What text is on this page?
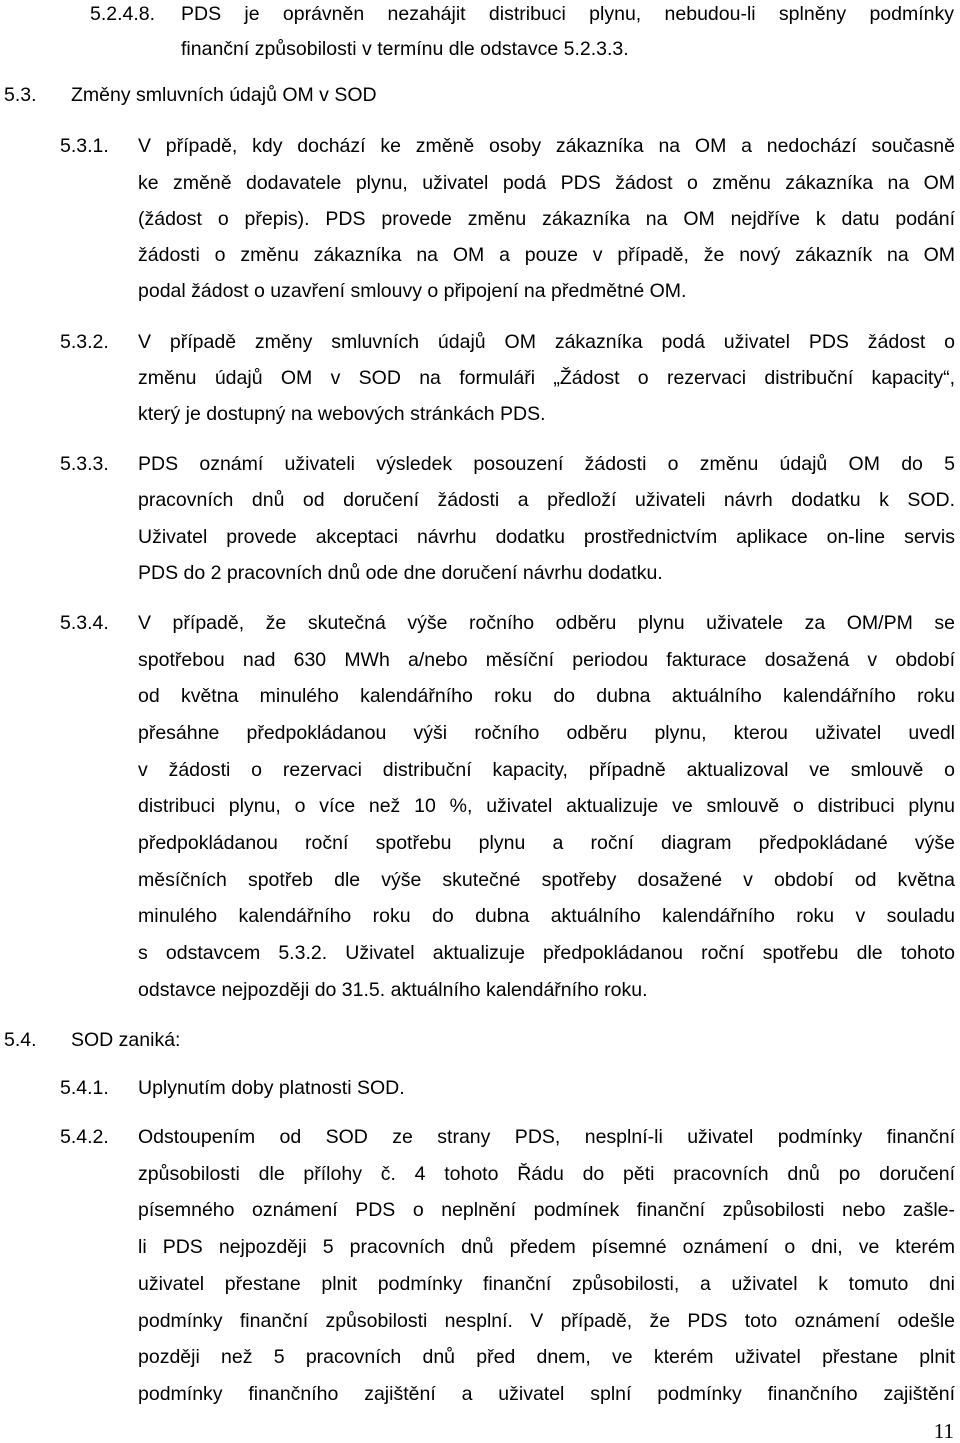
5.2.4.8. PDS je oprávněn nezahájit distribuci plynu, nebudou-li splněny podmínky
finanční způsobilosti v termínu dle odstavce 5.2.3.3.
5.3. Změny smluvních údajů OM v SOD
5.3.1. V případě, kdy dochází ke změně osoby zákazníka na OM a nedochází současně
ke změně dodavatele plynu, uživatel podá PDS žádost o změnu zákazníka na OM
(žádost o přepis). PDS provede změnu zákazníka na OM nejdříve k datu podání
žádosti o změnu zákazníka na OM a pouze v případě, že nový zákazník na OM
podal žádost o uzavření smlouvy o připojení na předmětné OM.
5.3.2. V případě změny smluvních údajů OM zákazníka podá uživatel PDS žádost o
změnu údajů OM v SOD na formuláři „Žádost o rezervaci distribuční kapacity“,
který je dostupný na webových stránkách PDS.
5.3.3. PDS oznámí uživateli výsledek posouzení žádosti o změnu údajů OM do 5
pracovních dnů od doručení žádosti a předloží uživateli návrh dodatku k SOD.
Uživatel provede akceptaci návrhu dodatku prostřednictvím aplikace on-line servis
PDS do 2 pracovních dnů ode dne doručení návrhu dodatku.
5.3.4. V případě, že skutečná výše ročního odběru plynu uživatele za OM/PM se
spotřebou nad 630 MWh a/nebo měsíční periodou fakturace dosažená v období
od května minulého kalendářního roku do dubna aktuálního kalendářního roku
přesáhne předpokládanou výši ročního odběru plynu, kterou uživatel uvedl
v žádosti o rezervaci distribuční kapacity, případně aktualizoval ve smlouvě o
distribuci plynu, o více než 10 %, uživatel aktualizuje ve smlouvě o distribuci plynu
předpokládanou roční spotřebu plynu a roční diagram předpokládané výše
měsíčních spotřeb dle výše skutečné spotřeby dosažené v období od května
minulého kalendářního roku do dubna aktuálního kalendářního roku v souladu
s odstavcem 5.3.2. Uživatel aktualizuje předpokládanou roční spotřebu dle tohoto
odstavce nejpozději do 31.5. aktuálního kalendářního roku.
5.4. SOD zaniká:
5.4.1. Uplynutím doby platnosti SOD.
5.4.2. Odstoupením od SOD ze strany PDS, nesplní-li uživatel podmínky finanční
způsobilosti dle přílohy č. 4 tohoto Řádu do pěti pracovních dnů po doručení
písemného oznámení PDS o neplnění podmínek finanční způsobilosti nebo zašle-
li PDS nejpozději 5 pracovních dnů předem písemné oznámení o dni, ve kterém
uživatel přestane plnit podmínky finanční způsobilosti, a uživatel k tomuto dni
podmínky finanční způsobilosti nesplní. V případě, že PDS toto oznámení odešle
později než 5 pracovních dnů před dnem, ve kterém uživatel přestane plnit
podmínky finančního zajištění a uživatel splní podmínky finančního zajištění
11
